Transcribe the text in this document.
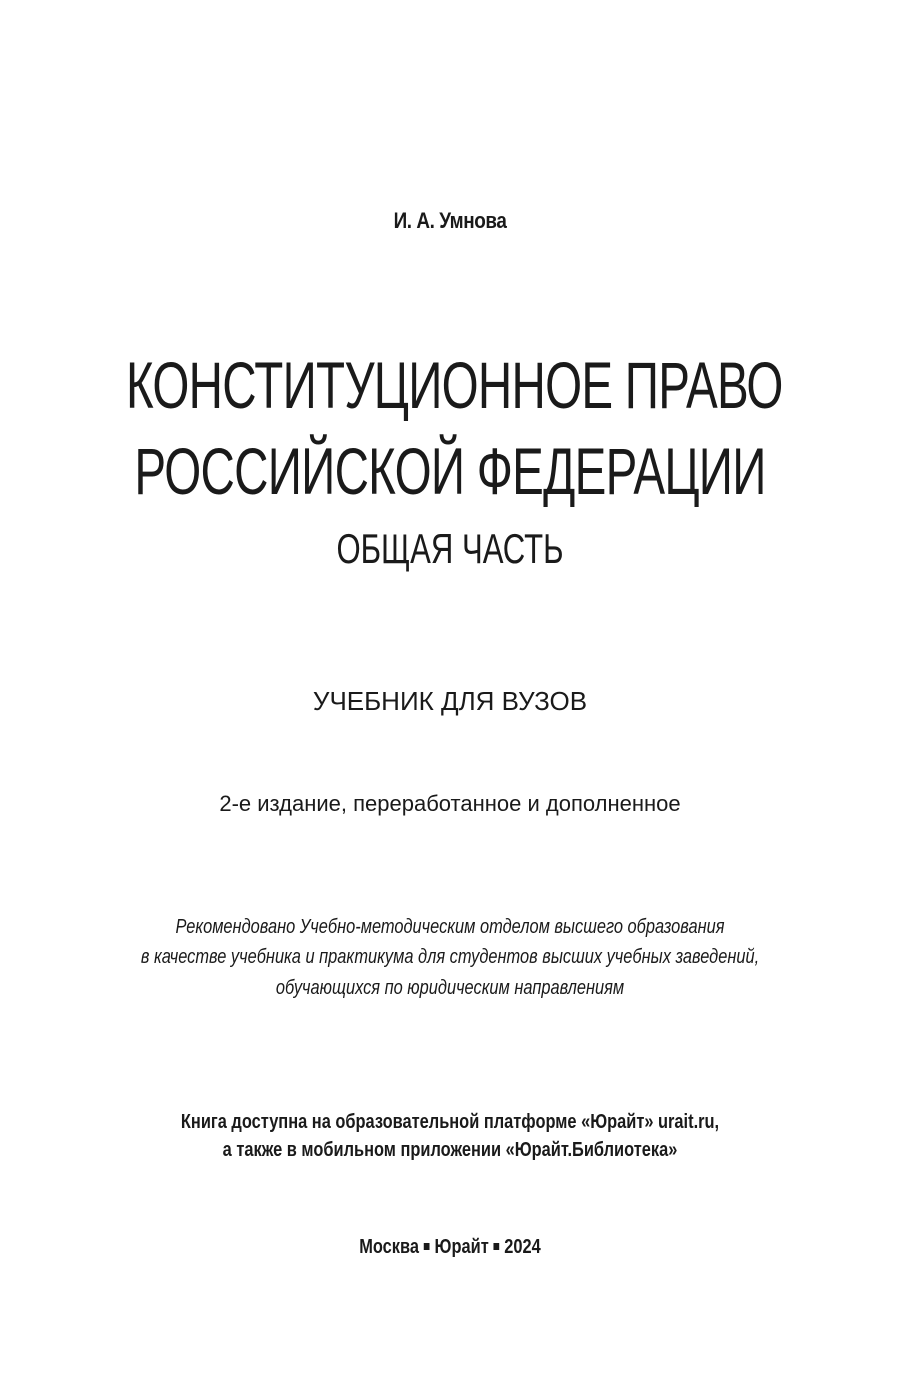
И. А. Умнова
КОНСТИТУЦИОННОЕ ПРАВО
РОССИЙСКОЙ ФЕДЕРАЦИИ
ОБЩАЯ ЧАСТЬ
УЧЕБНИК ДЛЯ ВУЗОВ
2-е издание, переработанное и дополненное
Рекомендовано Учебно-методическим отделом высшего образования
в качестве учебника и практикума для студентов высших учебных заведений,
обучающихся по юридическим направлениям
Книга доступна на образовательной платформе «Юрайт» urait.ru,
а также в мобильном приложении «Юрайт.Библиотека»
Москва Юрайт 2024
